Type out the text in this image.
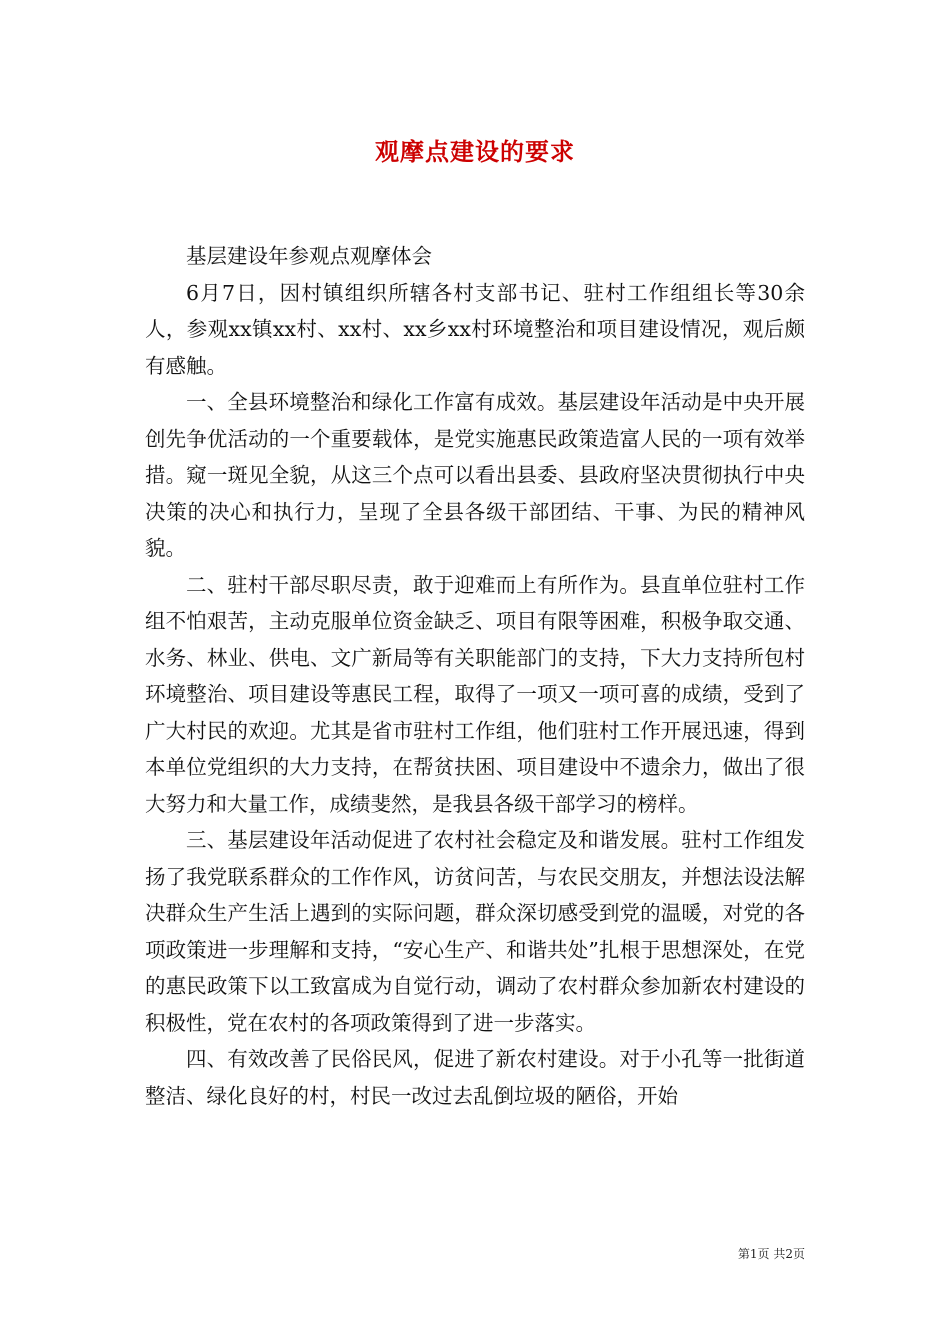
观摩点建设的要求

基层建设年参观点观摩体会

6月7日，因村镇组织所辖各村支部书记、驻村工作组组长等30余人，参观xx镇xx村、xx村、xx乡xx村环境整治和项目建设情况，观后颇有感触。

一、全县环境整治和绿化工作富有成效。基层建设年活动是中央开展创先争优活动的一个重要载体，是党实施惠民政策造富人民的一项有效举措。窥一斑见全貌，从这三个点可以看出县委、县政府坚决贯彻执行中央决策的决心和执行力，呈现了全县各级干部团结、干事、为民的精神风貌。

二、驻村干部尽职尽责，敢于迎难而上有所作为。县直单位驻村工作组不怕艰苦，主动克服单位资金缺乏、项目有限等困难，积极争取交通、水务、林业、供电、文广新局等有关职能部门的支持，下大力支持所包村环境整治、项目建设等惠民工程，取得了一项又一项可喜的成绩，受到了广大村民的欢迎。尤其是省市驻村工作组，他们驻村工作开展迅速，得到本单位党组织的大力支持，在帮贫扶困、项目建设中不遗余力，做出了很大努力和大量工作，成绩斐然，是我县各级干部学习的榜样。

三、基层建设年活动促进了农村社会稳定及和谐发展。驻村工作组发扬了我党联系群众的工作作风，访贫问苦，与农民交朋友，并想法设法解决群众生产生活上遇到的实际问题，群众深切感受到党的温暖，对党的各项政策进一步理解和支持，“安心生产、和谐共处”扎根于思想深处，在党的惠民政策下以工致富成为自觉行动，调动了农村群众参加新农村建设的积极性，党在农村的各项政策得到了进一步落实。

四、有效改善了民俗民风，促进了新农村建设。对于小孔等一批街道整洁、绿化良好的村，村民一改过去乱倒垃圾的陋俗，开始

第1页 共2页
